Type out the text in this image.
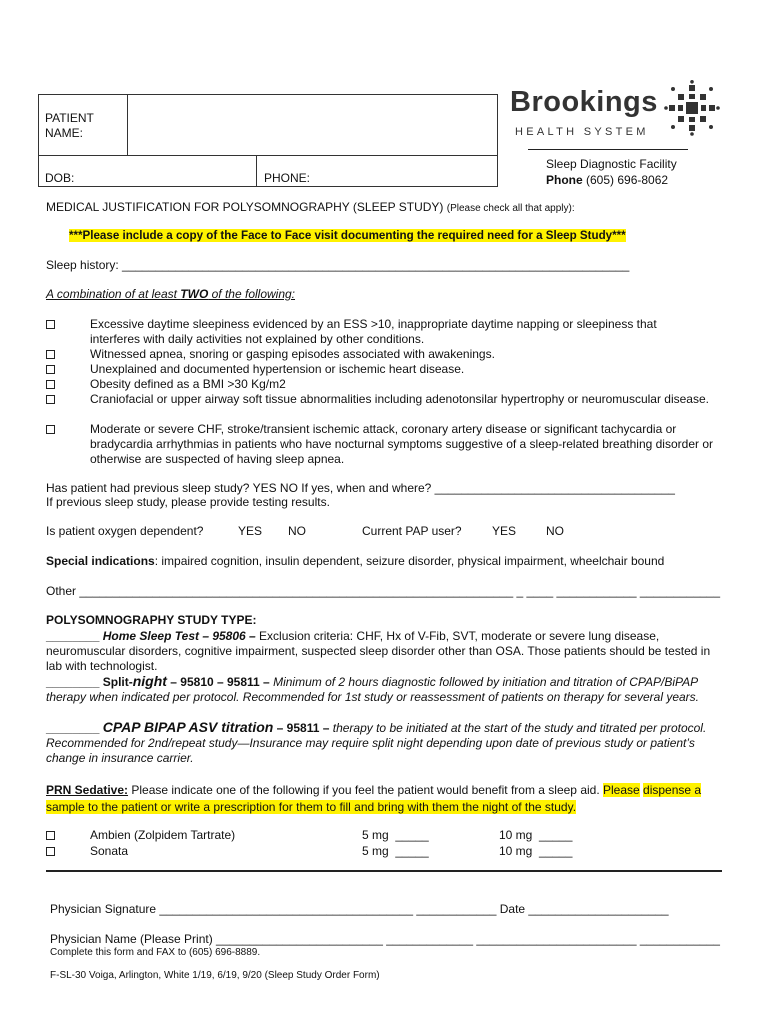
PATIENT
NAME:
DOB:	PHONE:
Brookings
HEALTH SYSTEM
Sleep Diagnostic Facility
Phone (605) 696-8062
MEDICAL JUSTIFICATION FOR POLYSOMNOGRAPHY (SLEEP STUDY) (Please check all that apply):
***Please include a copy of the Face to Face visit documenting the required need for a Sleep Study***
Sleep history: ____________________________________________________________________________
A combination of at least TWO of the following:
Excessive daytime sleepiness evidenced by an ESS >10, inappropriate daytime napping or sleepiness that interferes with daily activities not explained by other conditions.
Witnessed apnea, snoring or gasping episodes associated with awakenings.
Unexplained and documented hypertension or ischemic heart disease.
Obesity defined as a BMI >30 Kg/m2
Craniofacial or upper airway soft tissue abnormalities including adenotonsilar hypertrophy or neuromuscular disease.
Moderate or severe CHF, stroke/transient ischemic attack, coronary artery disease or significant tachycardia or bradycardia arrhythmias in patients who have nocturnal symptoms suggestive of a sleep-related breathing disorder or otherwise are suspected of having sleep apnea.
Has patient had previous sleep study? YES NO If yes, when and where? ____________________________________
If previous sleep study, please provide testing results.
Is patient oxygen dependent?	YES NO	Current PAP user?	YES NO
Special indications: impaired cognition, insulin dependent, seizure disorder, physical impairment, wheelchair bound
Other _________________________________________________________________ _ ____ ____________ ____________
POLYSOMNOGRAPHY STUDY TYPE:
________ Home Sleep Test – 95806 – Exclusion criteria: CHF, Hx of V-Fib, SVT, moderate or severe lung disease, neuromuscular disorders, cognitive impairment, suspected sleep disorder other than OSA. Those patients should be tested in lab with technologist.
________ Split-night – 95810 – 95811 – Minimum of 2 hours diagnostic followed by initiation and titration of CPAP/BiPAP therapy when indicated per protocol. Recommended for 1st study or reassessment of patients on therapy for several years.
________ CPAP BIPAP ASV titration – 95811 – therapy to be initiated at the start of the study and titrated per protocol. Recommended for 2nd/repeat study—Insurance may require split night depending upon date of previous study or patient’s change in insurance carrier.
PRN Sedative: Please indicate one of the following if you feel the patient would benefit from a sleep aid. Please dispense a sample to the patient or write a prescription for them to fill and bring with them the night of the study.
Ambien (Zolpidem Tartrate)	5 mg  _____	10 mg  _____
Sonata	5 mg  _____	10 mg  _____
Physician Signature ______________________________________ ____________ Date _____________________
Physician Name (Please Print) _________________________ _____________ ________________________ ____________
Complete this form and FAX to (605) 696-8889.
F-SL-30 Voiga, Arlington, White 1/19, 6/19, 9/20 (Sleep Study Order Form)
